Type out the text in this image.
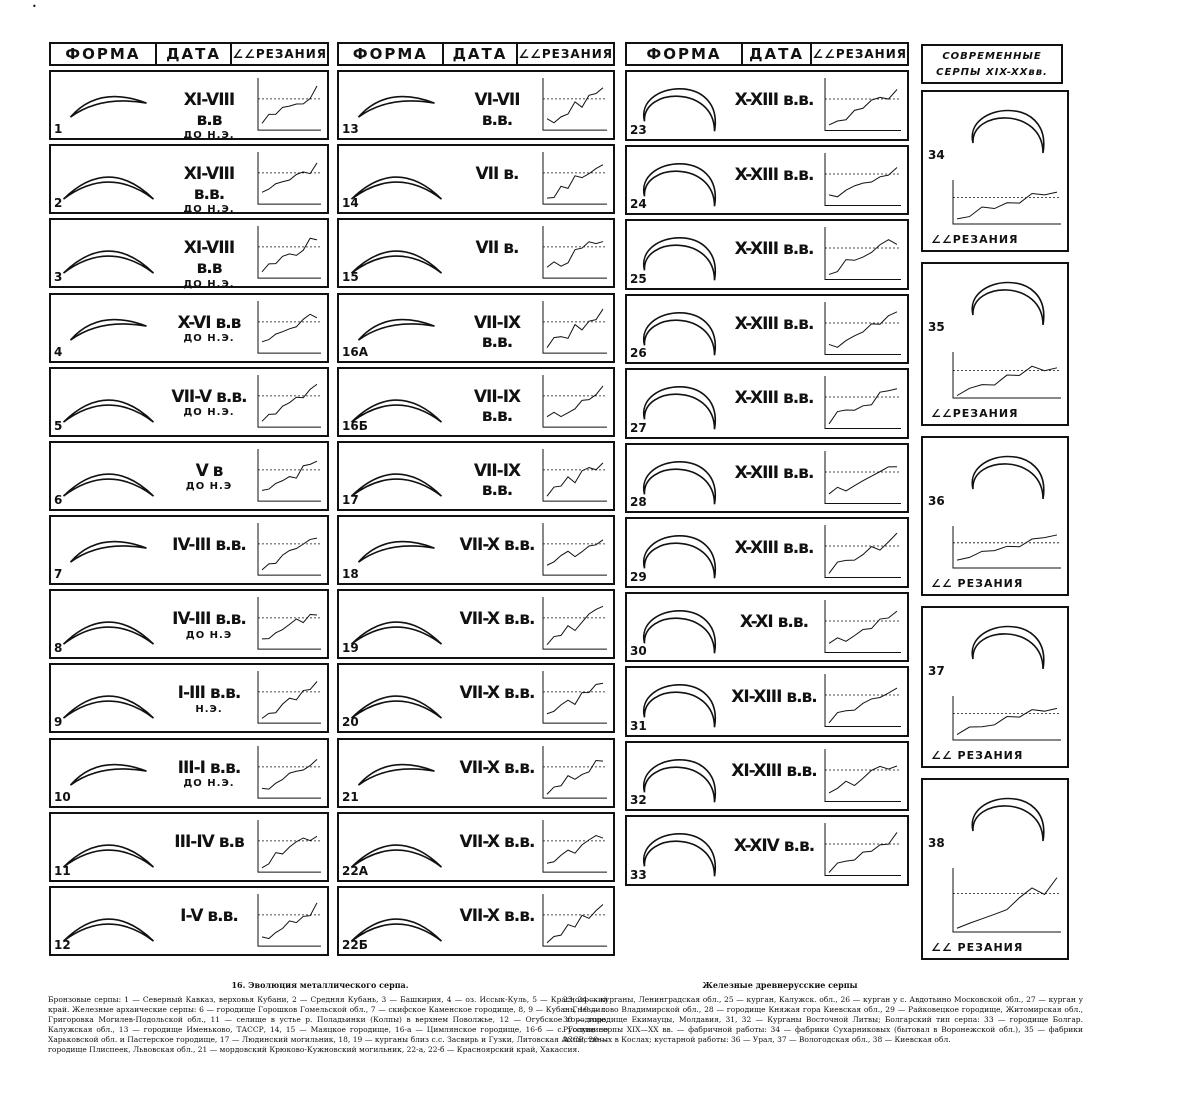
•
ФОРМА	ДАТА ∠∠РЕЗАНИЯ	ФОРМА	ДАТА ∠∠РЕЗАНИЯ	ФОРМА	ДАТА ∠∠РЕЗАНИЯ	СОВРЕМЕННЫЕ
СЕРПЫ XIX-XXвв.
1
XI-VIII в.в
ДО Н.Э.
2
XI-VIII в.в.
ДО Н.Э.
3
XI-VIII в.в
ДО Н.Э.
4
X-VI в.в
ДО Н.Э.
5
VII-V в.в.
ДО Н.Э.
6
V в
ДО Н.Э
7
IV-III в.в.
8
IV-III в.в.
ДО Н.Э
9
I-III в.в.
Н.Э.
10
III-I в.в.
ДО Н.Э.
11
III-IV в.в
12
I-V в.в.
13
VI-VII в.в.
14
VII в.
15
VII в.
16А
VII-IX в.в.
16Б
VII-IX в.в.
17
VII-IX в.в.
18
VII-X в.в.
19
VII-X в.в.
20
VII-X в.в.
21
VII-X в.в.
22А
VII-X в.в.
22Б
VII-X в.в.
23
X-XIII в.в.
24
X-XIII в.в.
25
X-XIII в.в.
26
X-XIII в.в.
27
X-XIII в.в.
28
X-XIII в.в.
29
X-XIII в.в.
30
X-XI в.в.
31
XI-XIII в.в.
32
XI-XIII в.в.
33
X-XIV в.в.
34
∠∠РЕЗАНИЯ
35
∠∠РЕЗАНИЯ
36
∠∠ РЕЗАНИЯ
37
∠∠ РЕЗАНИЯ
38
∠∠ РЕЗАНИЯ
16. Эволюция металлического серпа.
Бронзовые серпы: 1 — Северный Кавказ, верховья Кубани, 2 — Средняя Кубань, 3 — Башкирия, 4 — оз. Иссык-Куль, 5 — Красноярский край. Железные архаические серпы: 6 — городище Горошков Гомельской обл., 7 — скифское Каменское городище, 8, 9 — Кубань, 10 — с. Григоровка Могилев-Подольской обл., 11 — селище в устье р. Поладьинки (Колпы) в верхнем Поволжье, 12 — Огубское городище, Калужская обл., 13 — городище Именьково, ТАССР, 14, 15 — Маяцкое городище, 16-а — Цимлянское городище, 16-б — с. Голущино Харьковской обл. и Пастерское городище, 17 — Людинский могильник, 18, 19 — курганы близ с.с. Засвирь и Гузки, Литовская АССР, 20 — городище Плиспеек, Львовская обл., 21 — мордовский Крюково-Кужновский могильник, 22-а, 22-б — Красноярский край, Хакассия.
Железные древнерусские серпы
23, 24 — курганы, Ленинградская обл., 25 — курган, Калужск. обл., 26 — курган у с. Авдотьино Московской обл., 27 — курган у с. Гнездилово Владимирской обл., 28 — городище Княжая гора Киевская обл., 29 — Райковецкое городище, Житомирская обл., 30 — городище Екимауцы, Молдавия, 31, 32 — Курганы Восточной Литвы; Болгарский тип серпа: 33 — городище Болгар. Русские серпы XIX—XX вв. — фабричной работы: 34 — фабрики Сухарниковых (бытовал в Воронежской обл.), 35 — фабрики Ахлыстиных в Кослах; кустарной работы: 36 — Урал, 37 — Вологодская обл., 38 — Киевская обл.
